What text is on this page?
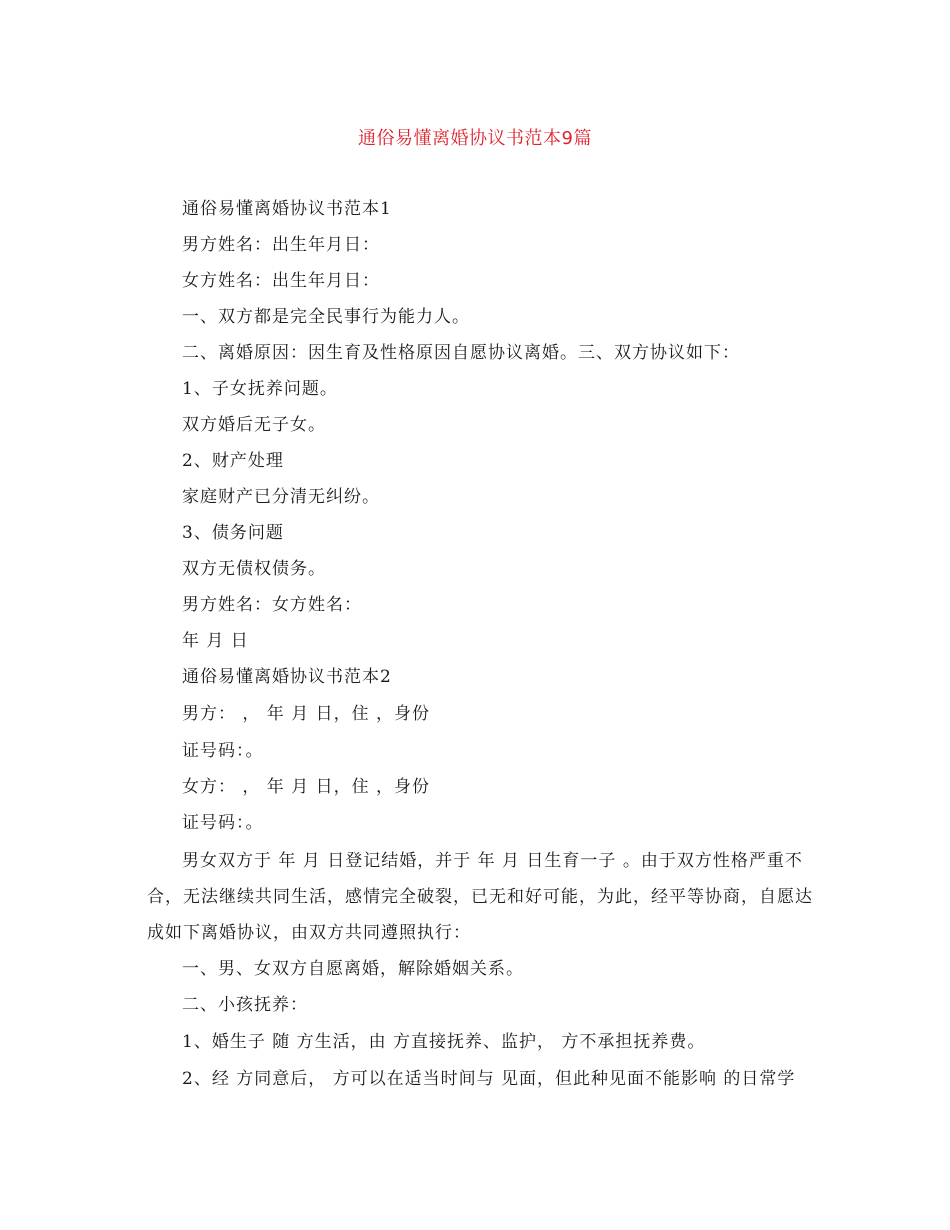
通俗易懂离婚协议书范本9篇
通俗易懂离婚协议书范本1
男方姓名：出生年月日：
女方姓名：出生年月日：
一、双方都是完全民事行为能力人。
二、离婚原因：因生育及性格原因自愿协议离婚。三、双方协议如下：
1、子女抚养问题。
双方婚后无子女。
2、财产处理
家庭财产已分清无纠纷。
3、债务问题
双方无债权债务。
男方姓名：女方姓名：
年 月 日
通俗易懂离婚协议书范本2
男方： ， 年 月 日，住 ，身份
证号码：。
女方： ， 年 月 日，住 ，身份
证号码：。
男女双方于 年 月 日登记结婚，并于 年 月 日生育一子 。由于双方性格严重不合，无法继续共同生活，感情完全破裂，已无和好可能，为此，经平等协商，自愿达成如下离婚协议，由双方共同遵照执行：
一、男、女双方自愿离婚，解除婚姻关系。
二、小孩抚养：
1、婚生子 随 方生活，由 方直接抚养、监护， 方不承担抚养费。
2、经 方同意后， 方可以在适当时间与 见面，但此种见面不能影响 的日常学
